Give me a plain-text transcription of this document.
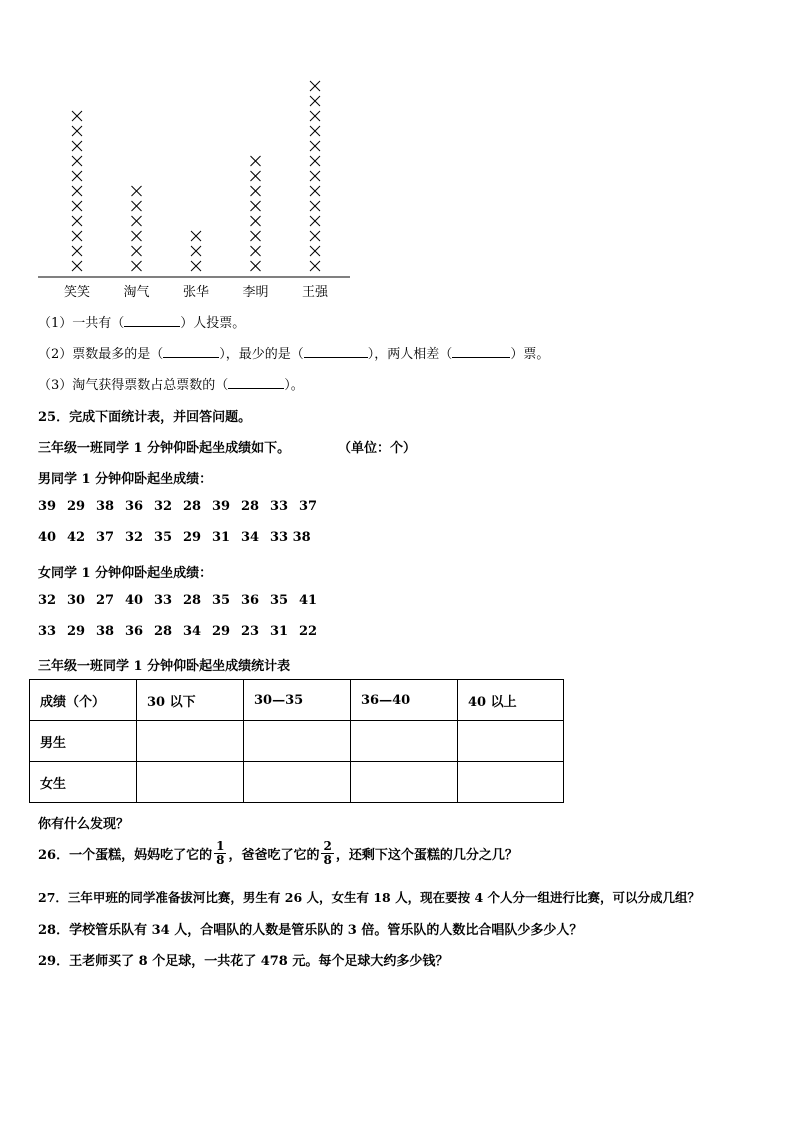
笑笑	淘气	张华	李明	王强
（1）一共有（	）人投票。
（2）票数最多的是（	），最少的是（	），两人相差（	）票。
（3）淘气获得票数占总票数的（	）。
25．完成下面统计表，并回答问题。
三年级一班同学 1 分钟仰卧起坐成绩如下。	（单位：个）
男同学 1 分钟仰卧起坐成绩：
39 29 38 36 32 28 39 28 33 37
40 42 37 32 35 29 31 34 33 38
女同学 1 分钟仰卧起坐成绩：
32 30 27 40 33 28 35 36 35 41
33 29 38 36 28 34 29 23 31 22
三年级一班同学 1 分钟仰卧起坐成绩统计表
成绩（个）	30 以下	30—35	36—40	40 以上
男生				
女生				
你有什么发现？
26．一个蛋糕，妈妈吃了它的 $\frac{1}{8}$ ，爸爸吃了它的 $\frac{2}{8}$ ，还剩下这个蛋糕的几分之几？
27．三年甲班的同学准备拔河比赛，男生有 26 人，女生有 18 人，现在要按 4 个人分一组进行比赛，可以分成几组？
28．学校管乐队有 34 人，合唱队的人数是管乐队的 3 倍。管乐队的人数比合唱队少多少人？
29．王老师买了 8 个足球，一共花了 478 元。每个足球大约多少钱？
